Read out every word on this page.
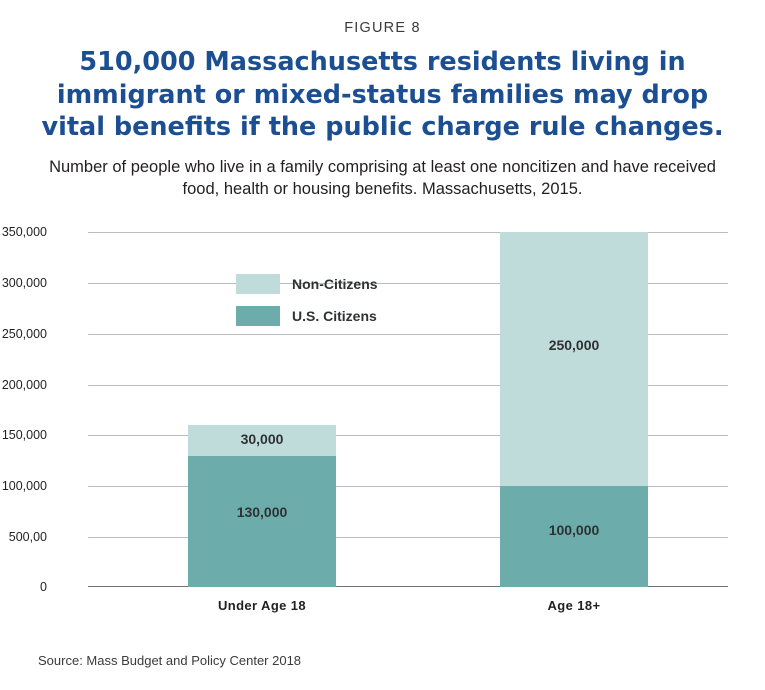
FIGURE 8
510,000 Massachusetts residents living in immigrant or mixed-status families may drop vital benefits if the public charge rule changes.
Number of people who live in a family comprising at least one noncitizen and have received food, health or housing benefits. Massachusetts, 2015.
350,000
300,000
250,000
200,000
150,000
100,000
500,00
0
Non-Citizens
U.S. Citizens
130,000
30,000
100,000
250,000
Under Age 18	Age 18+
Source: Mass Budget and Policy Center 2018
